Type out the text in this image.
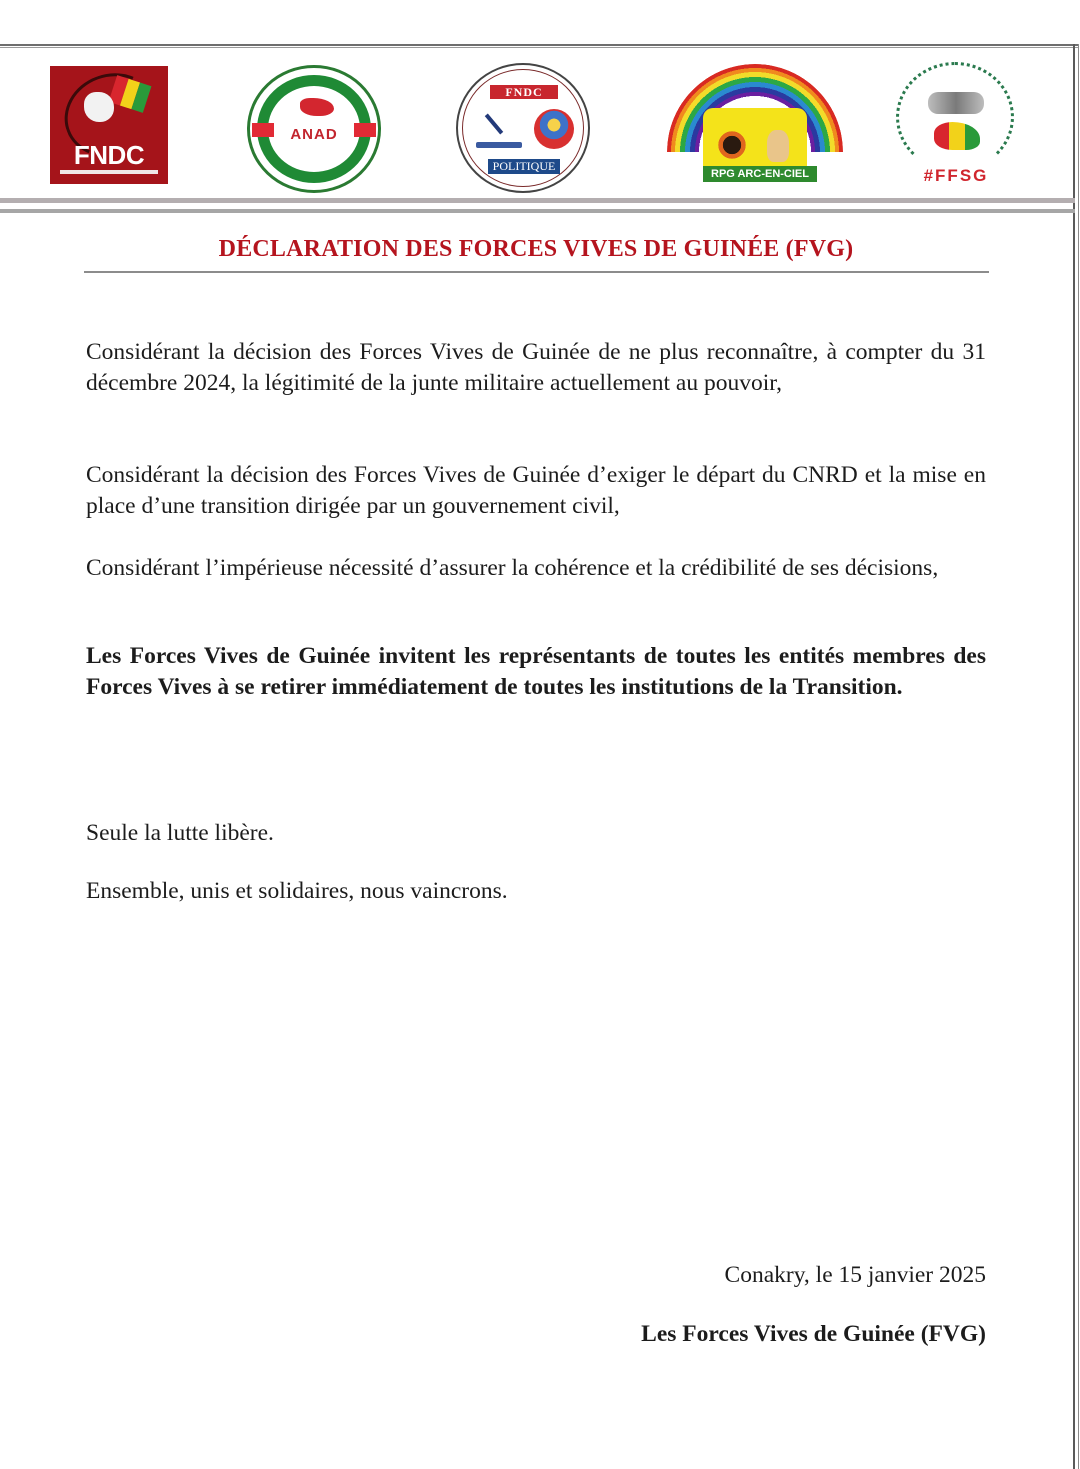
FNDC
ANAD
FNDC
POLITIQUE
RPG ARC-EN-CIEL	#FFSG
DÉCLARATION DES FORCES VIVES DE GUINÉE (FVG)
Considérant la décision des Forces Vives de Guinée de ne plus reconnaître, à compter du 31 décembre 2024, la légitimité de la junte militaire actuellement au pouvoir,
Considérant la décision des Forces Vives de Guinée d’exiger le départ du CNRD et la mise en place d’une transition dirigée par un gouvernement civil,
Considérant l’impérieuse nécessité d’assurer la cohérence et la crédibilité de ses décisions,
Les Forces Vives de Guinée invitent les représentants de toutes les entités membres des Forces Vives à se retirer immédiatement de toutes les institutions de la Transition.
Seule la lutte libère.
Ensemble, unis et solidaires, nous vaincrons.
Conakry, le 15 janvier 2025
Les Forces Vives de Guinée (FVG)
